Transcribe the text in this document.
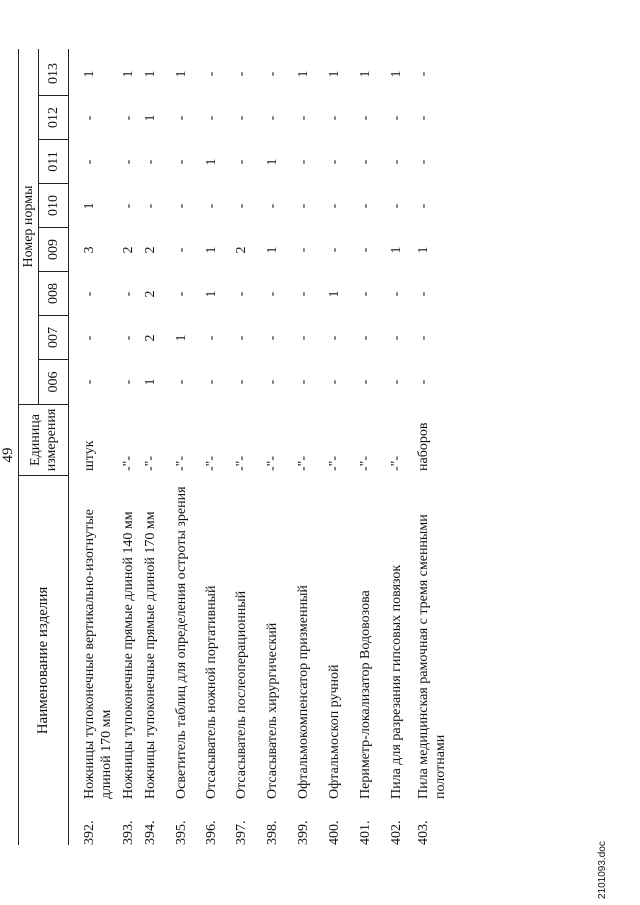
49
Наименование изделия
Единица измерения
Номер нормы
006
007
008
009
010
011
012
013
392.
Ножницы тупоконечные вертикально-изогнутые длиной 170 мм
штук
-
-
-
3
1
-
-
1
393.
Ножницы тупоконечные прямые длиной 140 мм
-"-
-
-
-
2
-
-
-
1
394.
Ножницы тупоконечные прямые длиной 170 мм
-"-
1
2
2
2
-
-
1
1
395.
Осветитель таблиц для определения остроты зрения
-"-
-
1
-
-
-
-
-
1
396.
Отсасыватель ножной портативный
-"-
-
-
1
1
-
1
-
-
397.
Отсасыватель послеоперационный
-"-
-
-
-
2
-
-
-
-
398.
Отсасыватель хирургический
-"-
-
-
-
1
-
1
-
-
399.
Офтальмокомпенсатор призменный
-"-
-
-
-
-
-
-
-
1
400.
Офтальмоскоп ручной
-"-
-
-
1
-
-
-
-
1
401.
Периметр-локализатор Водовозова
-"-
-
-
-
-
-
-
-
1
402.
Пила для разрезания гипсовых повязок
-"-
-
-
-
1
-
-
-
1
403.
Пила медицинская рамочная с тремя сменными полотнами
наборов
-
-
-
1
-
-
-
-
2101093.doc
